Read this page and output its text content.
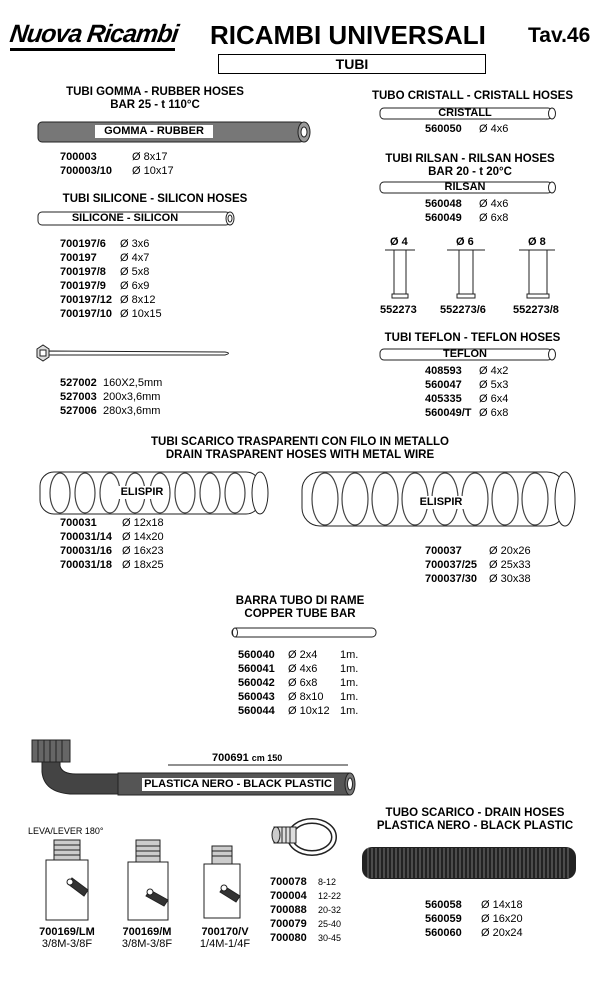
Nuova Ricambi RICAMBI UNIVERSALI Tav.46
TUBI
TUBI GOMMA - RUBBER HOSES
BAR 25 - t 110°C
GOMMA - RUBBER
700003	Ø 8x17
700003/10 Ø 10x17
TUBI SILICONE - SILICON HOSES
SILICONE - SILICON
700197/6 Ø 3x6
700197 Ø 4x7
700197/8 Ø 5x8
700197/9 Ø 6x9
700197/12 Ø 8x12
700197/10 Ø 10x15
527002 160X2,5mm
527003 200x3,6mm
527006 280x3,6mm
TUBO CRISTALL - CRISTALL HOSES
CRISTALL
560050 Ø 4x6
TUBI RILSAN - RILSAN HOSES
BAR 20 - t 20°C
RILSAN
560048 Ø 4x6
560049 Ø 6x8
Ø 4	Ø 6	Ø 8
552273 552273/6 552273/8
TUBI TEFLON - TEFLON HOSES
TEFLON
408593 Ø 4x2
560047 Ø 5x3
405335 Ø 6x4
560049/T Ø 6x8
TUBI SCARICO TRASPARENTI CON FILO IN METALLO
DRAIN TRASPARENT HOSES WITH METAL WIRE
ELISPIR
700031 Ø 12x18
700031/14 Ø 14x20
700031/16 Ø 16x23
700031/18 Ø 18x25
ELISPIR
700037 Ø 20x26
700037/25 Ø 25x33
700037/30 Ø 30x38
BARRA TUBO DI RAME
COPPER TUBE BAR
560040 Ø 2x4 1m.
560041 Ø 4x6 1m.
560042 Ø 6x8 1m.
560043 Ø 8x10 1m.
560044 Ø 10x12 1m.
700691 cm 150
PLASTICA NERO - BLACK PLASTIC
TUBO SCARICO - DRAIN HOSES
PLASTICA NERO - BLACK PLASTIC
560058 Ø 14x18
560059 Ø 16x20
560060 Ø 20x24
LEVA/LEVER 180°
700169/LM
3/8M-3/8F
700169/M
3/8M-3/8F
700170/V
1/4M-1/4F
700078 8-12
700004 12-22
700088 20-32
700079 25-40
700080 30-45
